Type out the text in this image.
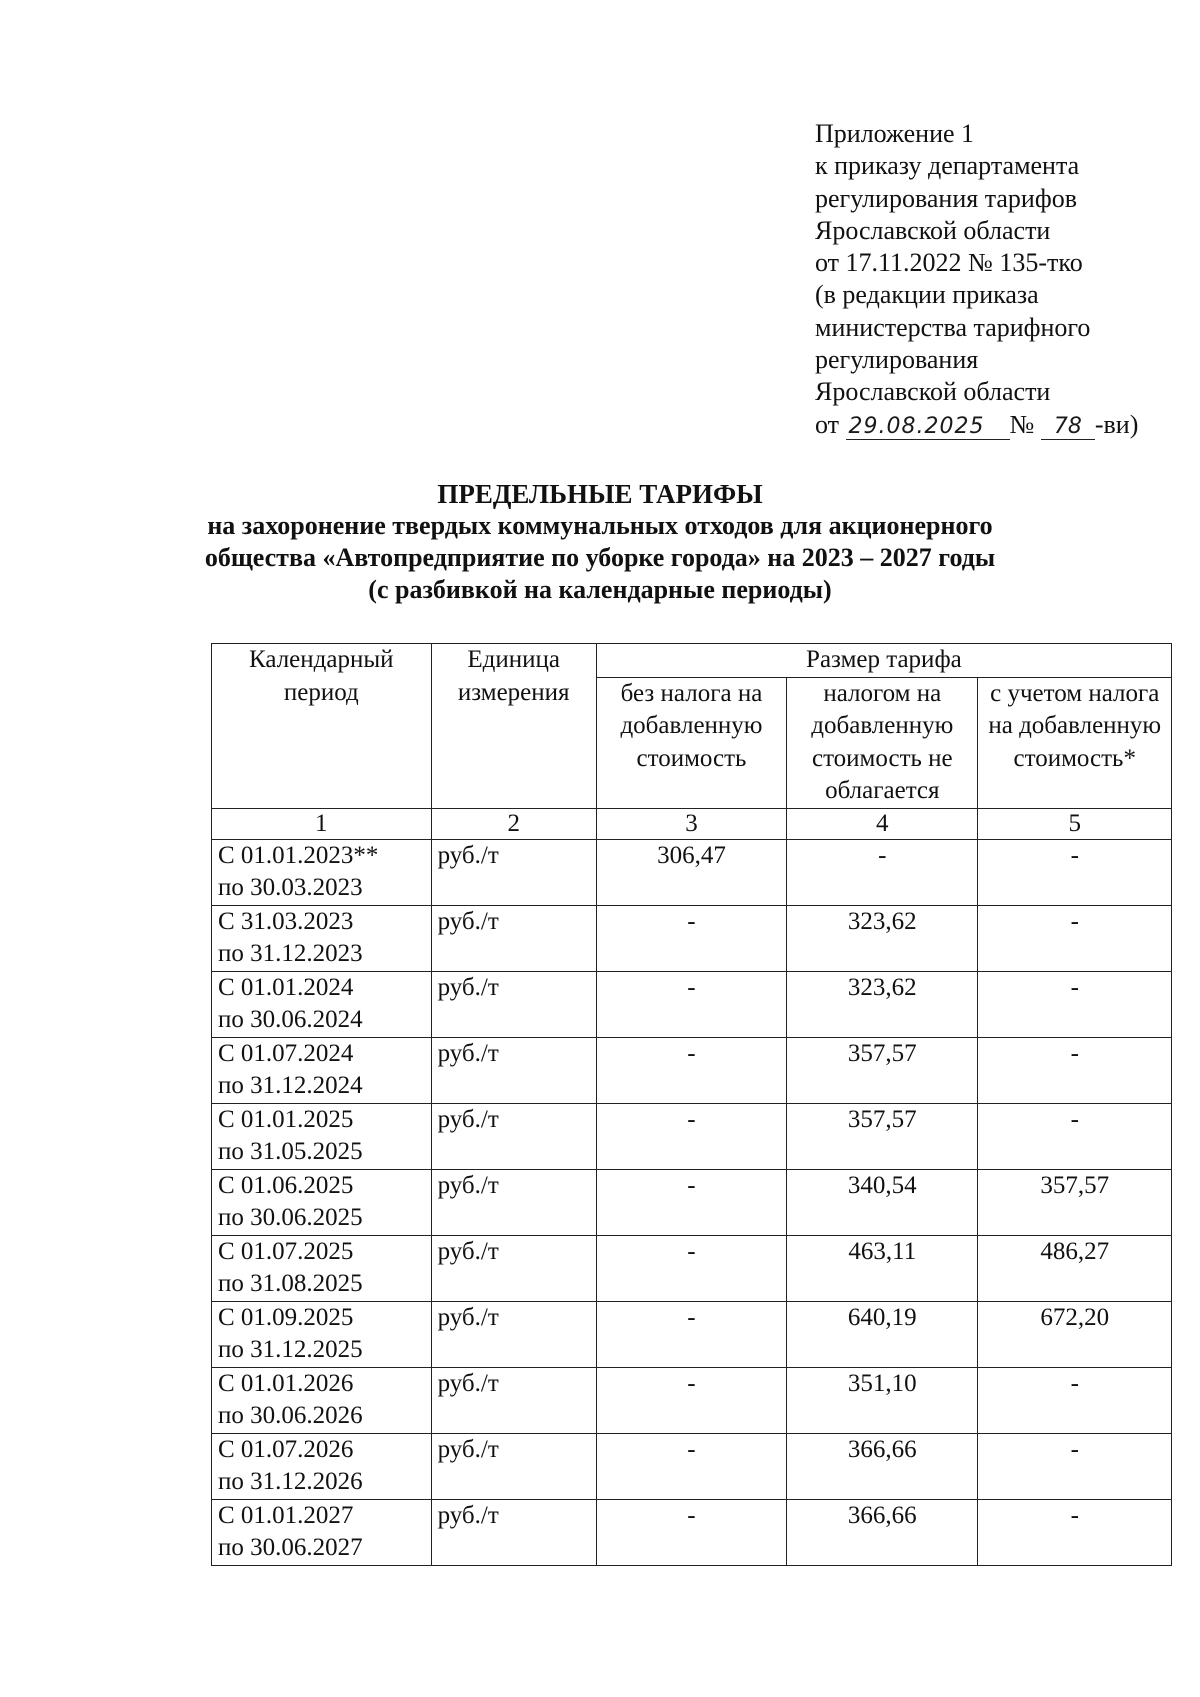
Приложение 1
к приказу департамента
регулирования тарифов
Ярославской области
от 17.11.2022 № 135-тко
(в редакции приказа
министерства тарифного
регулирования
Ярославской области
от 29.08.2025 № 78 -ви)
ПРЕДЕЛЬНЫЕ ТАРИФЫ
на захоронение твердых коммунальных отходов для акционерного
общества «Автопредприятие по уборке города» на 2023 – 2027 годы
(с разбивкой на календарные периоды)
Календарный период	Единица измерения	Размер тарифа		
		без налога на добавленную стоимость	налогом на добавленную стоимость не облагается	с учетом налога на добавленную стоимость*
1	2	3	4	5

С 01.01.2023**
по 30.03.2023	руб./т	306,47	-	-

С 31.03.2023
по 31.12.2023	руб./т	-	323,62	-

С 01.01.2024
по 30.06.2024	руб./т	-	323,62	-

С 01.07.2024
по 31.12.2024	руб./т	-	357,57	-

С 01.01.2025
по 31.05.2025	руб./т	-	357,57	-

С 01.06.2025
по 30.06.2025	руб./т	-	340,54	357,57

С 01.07.2025
по 31.08.2025	руб./т	-	463,11	486,27

С 01.09.2025
по 31.12.2025	руб./т	-	640,19	672,20

С 01.01.2026
по 30.06.2026	руб./т	-	351,10	-

С 01.07.2026
по 31.12.2026	руб./т	-	366,66	-

С 01.01.2027
по 30.06.2027	руб./т	-	366,66	-
